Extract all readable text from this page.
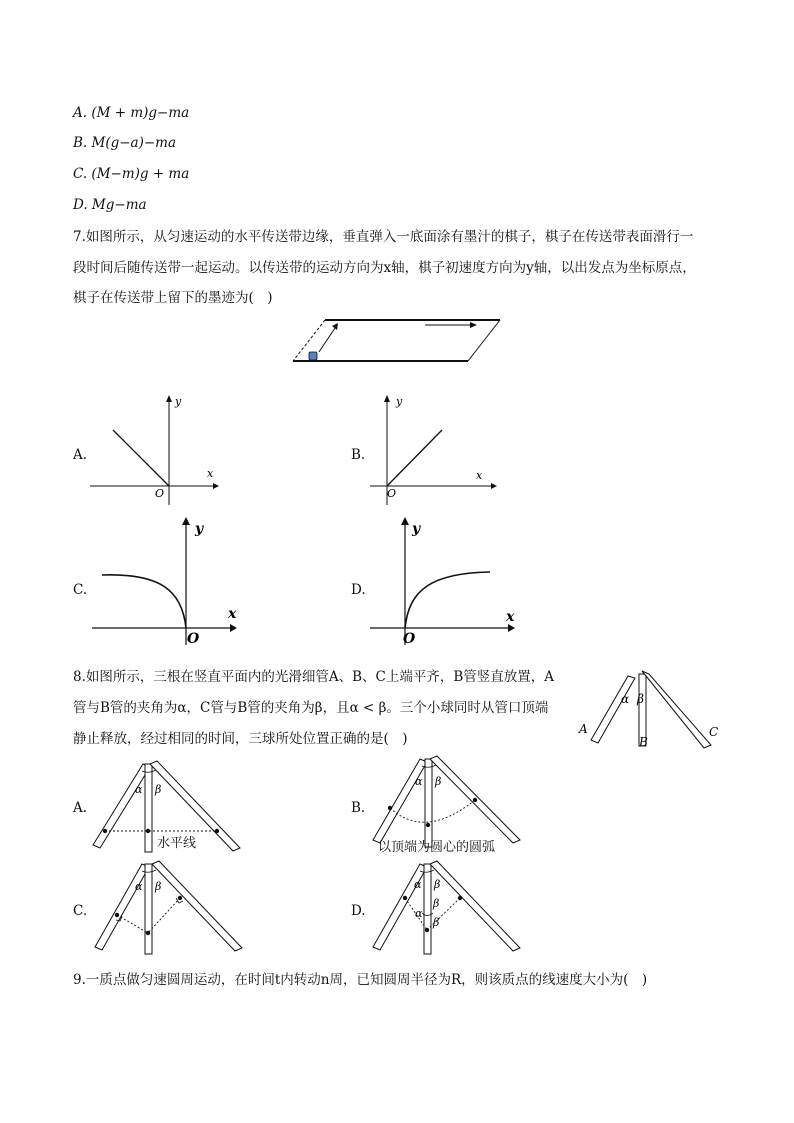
A. (M + m)g−ma
B. M(g−a)−ma
C. (M−m)g + ma
D. Mg−ma
7.如图所示，从匀速运动的水平传送带边缘，垂直弹入一底面涂有墨汁的棋子，棋子在传送带表面滑行一
段时间后随传送带一起运动。以传送带的运动方向为x轴，棋子初速度方向为y轴，以出发点为坐标原点，
棋子在传送带上留下的墨迹为(　)
A.
y
x
O
B.
y
x
O
C.
y
x
O
D.
y
x
O
8.如图所示，三根在竖直平面内的光滑细管A、B、C上端平齐，B管竖直放置，A
管与B管的夹角为α，C管与B管的夹角为β，且α < β。三个小球同时从管口顶端
静止释放，经过相同的时间，三球所处位置正确的是(　)
α β
A
B
C
A.
α β
水平线
B.
α β
以顶端为圆心的圆弧
C.
α β
D.
α β
α
β
β
9.一质点做匀速圆周运动，在时间t内转动n周，已知圆周半径为R，则该质点的线速度大小为(　)
